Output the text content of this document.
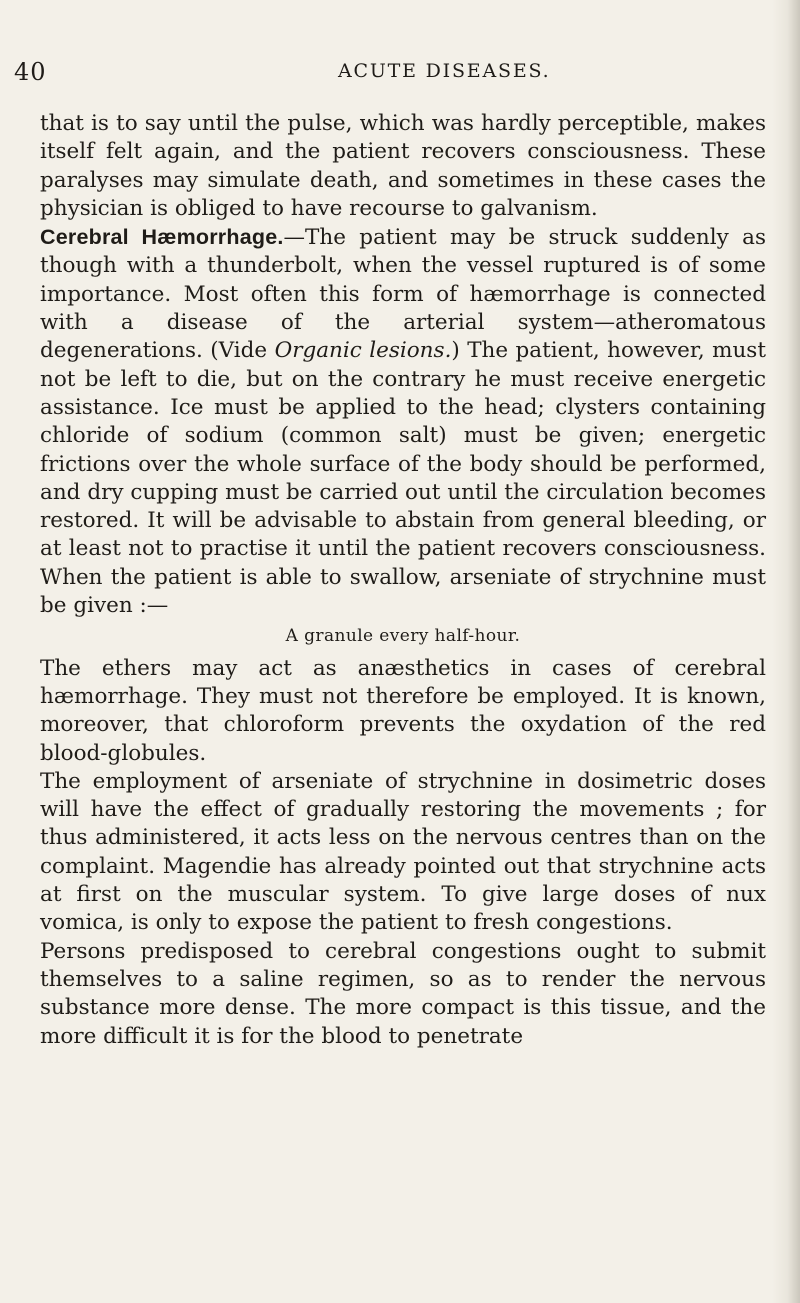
40	ACUTE DISEASES.

that is to say until the pulse, which was hardly perceptible, makes itself felt again, and the patient recovers consciousness. These paralyses may simulate death, and sometimes in these cases the physician is obliged to have recourse to galvanism.

Cerebral Hæmorrhage.—The patient may be struck suddenly as though with a thunderbolt, when the vessel ruptured is of some importance. Most often this form of hæmorrhage is connected with a disease of the arterial system—atheromatous degenerations. (Vide Organic lesions.) The patient, however, must not be left to die, but on the contrary he must receive energetic assistance. Ice must be applied to the head; clysters containing chloride of sodium (common salt) must be given; energetic frictions over the whole surface of the body should be performed, and dry cupping must be carried out until the circulation becomes restored. It will be advisable to abstain from general bleeding, or at least not to practise it until the patient recovers consciousness. When the patient is able to swallow, arseniate of strychnine must be given :—

A granule every half-hour.

The ethers may act as anæsthetics in cases of cerebral hæmorrhage. They must not therefore be employed. It is known, moreover, that chloroform prevents the oxydation of the red blood-globules.

The employment of arseniate of strychnine in dosimetric doses will have the effect of gradually restoring the movements ; for thus administered, it acts less on the nervous centres than on the complaint. Magendie has already pointed out that strychnine acts at first on the muscular system. To give large doses of nux vomica, is only to expose the patient to fresh congestions.

Persons predisposed to cerebral congestions ought to submit themselves to a saline regimen, so as to render the nervous substance more dense. The more compact is this tissue, and the more difficult it is for the blood to penetrate
